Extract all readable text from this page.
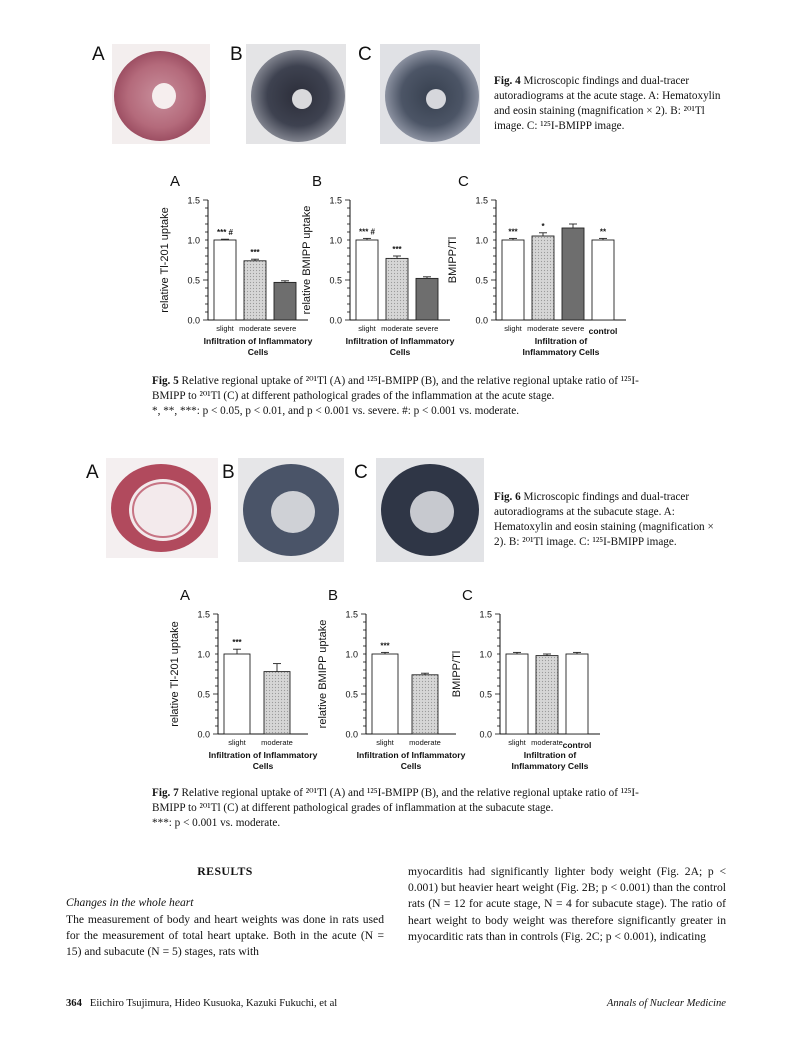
A	B	C
Fig. 4 Microscopic findings and dual-tracer autoradiograms at the acute stage. A: Hematoxylin and eosin staining (magnification × 2). B: ²⁰¹Tl image. C: ¹²⁵I-BMIPP image.
A
relative Tl-201 uptake
0.0
0.5
1.0
1.5
*** #
slight
***
moderate severe
Infiltration of Inflammatory
Cells
B
relative BMIPP uptake
0.0
0.5
1.0
1.5
*** #
slight
***
moderate severe
Infiltration of Inflammatory
Cells
C
BMIPP/Tl
0.0
0.5
1.0
1.5
***
slight
*
moderate severe
**
control
Infiltration of
Inflammatory Cells
Fig. 5 Relative regional uptake of ²⁰¹Tl (A) and ¹²⁵I-BMIPP (B), and the relative regional uptake ratio of ¹²⁵I-BMIPP to ²⁰¹Tl (C) at different pathological grades of the inflammation at the acute stage.
*, **, ***: p < 0.05, p < 0.01, and p < 0.001 vs. severe. #: p < 0.001 vs. moderate.
A	B	C
Fig. 6 Microscopic findings and dual-tracer autoradiograms at the subacute stage. A: Hematoxylin and eosin staining (magnification × 2). B: ²⁰¹Tl image. C: ¹²⁵I-BMIPP image.
A
relative Tl-201 uptake
0.0
0.5
1.0
1.5
***
slight moderate
Infiltration of Inflammatory
Cells
B
relative BMIPP uptake
0.0
0.5
1.0
1.5
***
slight moderate
Infiltration of Inflammatory
Cells
C
BMIPP/Tl
0.0
0.5
1.0
1.5
slight moderate control
Infiltration of
Inflammatory Cells
Fig. 7 Relative regional uptake of ²⁰¹Tl (A) and ¹²⁵I-BMIPP (B), and the relative regional uptake ratio of ¹²⁵I-BMIPP to ²⁰¹Tl (C) at different pathological grades of inflammation at the subacute stage.
***: p < 0.001 vs. moderate.
RESULTS
Changes in the whole heart
The measurement of body and heart weights was done in rats used for the measurement of total heart uptake. Both in the acute (N = 15) and subacute (N = 5) stages, rats with
myocarditis had significantly lighter body weight (Fig. 2A; p < 0.001) but heavier heart weight (Fig. 2B; p < 0.001) than the control rats (N = 12 for acute stage, N = 4 for subacute stage). The ratio of heart weight to body weight was therefore significantly greater in myocarditic rats than in controls (Fig. 2C; p < 0.001), indicating
364 Eiichiro Tsujimura, Hideo Kusuoka, Kazuki Fukuchi, et al	Annals of Nuclear Medicine
